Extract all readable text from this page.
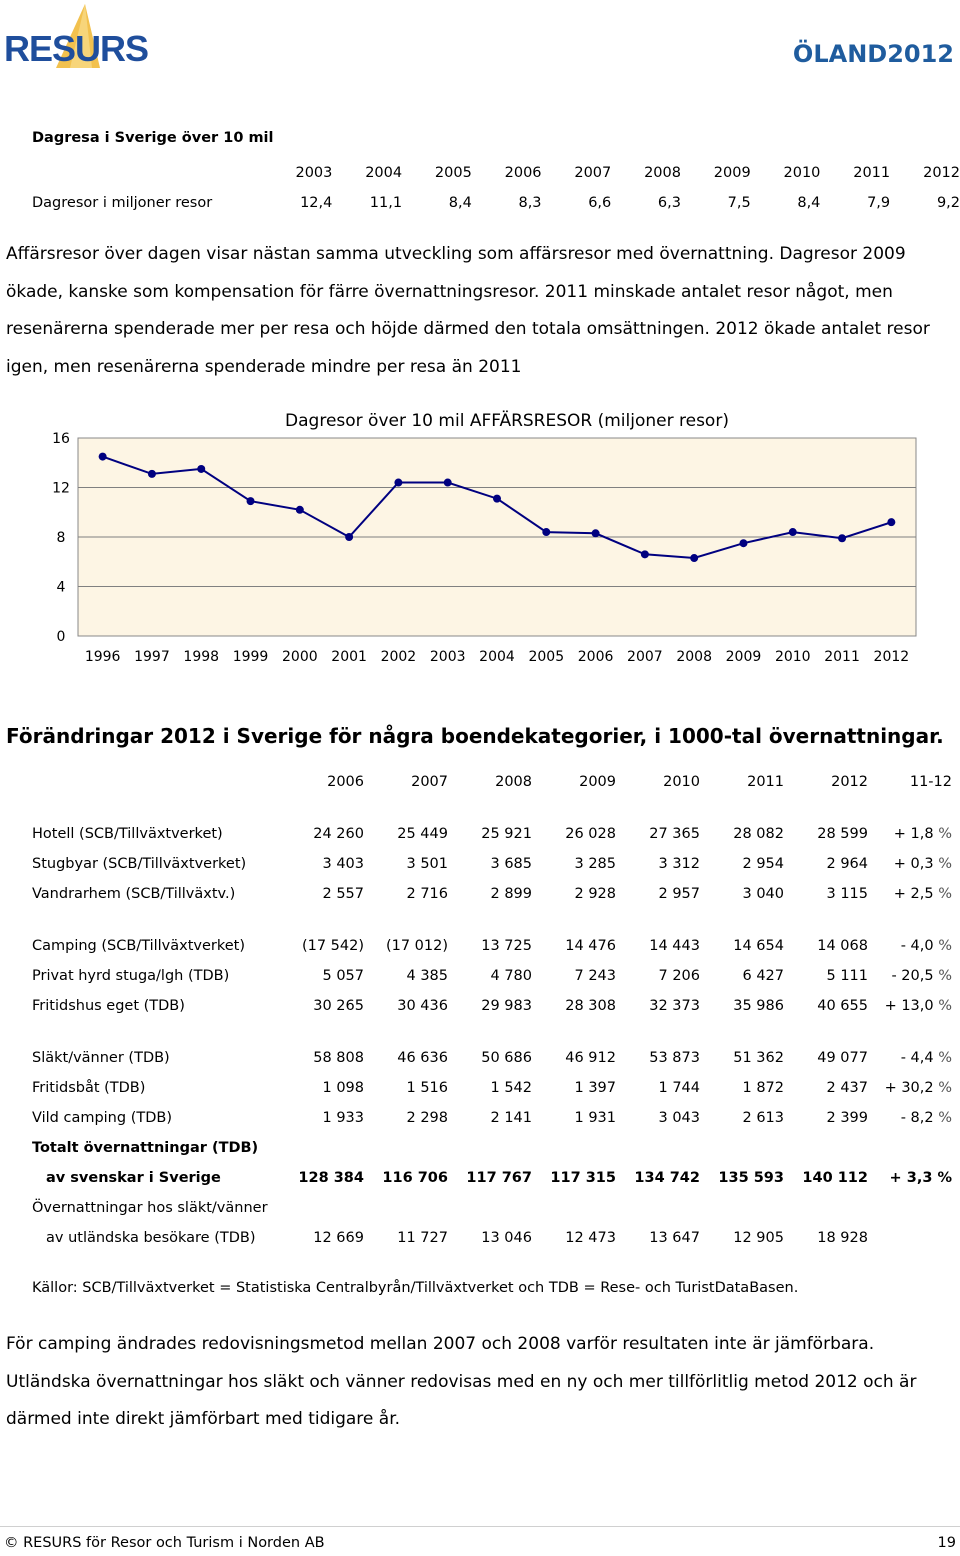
RESURS	ÖLAND2012
Dagresa i Sverige över 10 mil
	2003	2004	2005	2006	2007	2008	2009	2010	2011	2012
Dagresor i miljoner resor	12,4	11,1	8,4	8,3	6,6	6,3	7,5	8,4	7,9	9,2
Affärsresor över dagen visar nästan samma utveckling som affärsresor med övernattning. Dagresor 2009 ökade, kanske som kompensation för färre övernattningsresor. 2011 minskade antalet resor något, men resenärerna spenderade mer per resa och höjde därmed den totala omsättningen. 2012 ökade antalet resor igen, men resenärerna spenderade mindre per resa än 2011
0
4
8
12
16
1996 1997 1998 1999 2000 2001 2002 2003 2004 2005 2006 2007 2008 2009 2010 2011 2012
Dagresor över 10 mil AFFÄRSRESOR (miljoner resor)
Förändringar 2012 i Sverige för några boendekategorier, i 1000-tal övernattningar.
	2006	2007	2008	2009	2010	2011	2012	11-12

Hotell (SCB/Tillväxtverket)	24 260	25 449	25 921	26 028	27 365	28 082	28 599	+ 1,8 %
Stugbyar (SCB/Tillväxtverket)	3 403	3 501	3 685	3 285	3 312	2 954	2 964	+ 0,3 %
Vandrarhem (SCB/Tillväxtv.)	2 557	2 716	2 899	2 928	2 957	3 040	3 115	+ 2,5 %

Camping (SCB/Tillväxtverket)	(17 542)	(17 012)	13 725	14 476	14 443	14 654	14 068	- 4,0 %
Privat hyrd stuga/lgh (TDB)	5 057	4 385	4 780	7 243	7 206	6 427	5 111	- 20,5 %
Fritidshus eget (TDB)	30 265	30 436	29 983	28 308	32 373	35 986	40 655	+ 13,0 %

Släkt/vänner (TDB)	58 808	46 636	50 686	46 912	53 873	51 362	49 077	- 4,4 %
Fritidsbåt (TDB)	1 098	1 516	1 542	1 397	1 744	1 872	2 437	+ 30,2 %
Vild camping (TDB)	1 933	2 298	2 141	1 931	3 043	2 613	2 399	- 8,2 %
Totalt övernattningar (TDB)								
av svenskar i Sverige	128 384	116 706	117 767	117 315	134 742	135 593	140 112	+ 3,3 %
Övernattningar hos släkt/vänner								
av utländska besökare (TDB)	12 669	11 727	13 046	12 473	13 647	12 905	18 928	
Källor: SCB/Tillväxtverket = Statistiska Centralbyrån/Tillväxtverket och TDB = Rese- och TuristDataBasen.
För camping ändrades redovisningsmetod mellan 2007 och 2008 varför resultaten inte är jämförbara. Utländska övernattningar hos släkt och vänner redovisas med en ny och mer tillförlitlig metod 2012 och är därmed inte direkt jämförbart med tidigare år.
© RESURS för Resor och Turism i Norden AB	19
